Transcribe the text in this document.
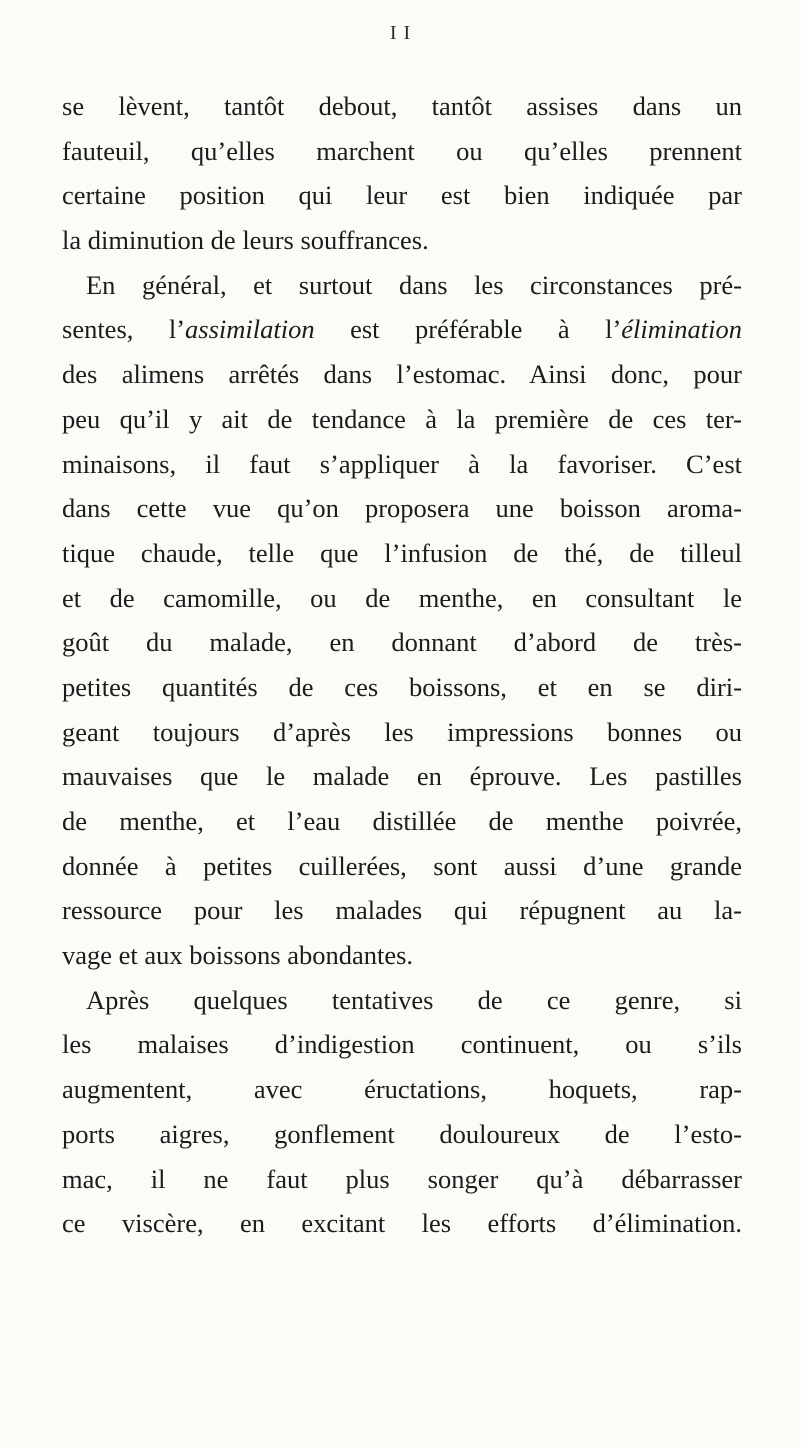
I I
se lèvent, tantôt debout, tantôt assises dans un
fauteuil, qu’elles marchent ou qu’elles prennent
certaine position qui leur est bien indiquée par
la diminution de leurs souffrances.
En général, et surtout dans les circonstances pré-
sentes, l’assimilation est préférable à l’élimination
des alimens arrêtés dans l’estomac. Ainsi donc, pour
peu qu’il y ait de tendance à la première de ces ter-
minaisons, il faut s’appliquer à la favoriser. C’est
dans cette vue qu’on proposera une boisson aroma-
tique chaude, telle que l’infusion de thé, de tilleul
et de camomille, ou de menthe, en consultant le
goût du malade, en donnant d’abord de très-
petites quantités de ces boissons, et en se diri-
geant toujours d’après les impressions bonnes ou
mauvaises que le malade en éprouve. Les pastilles
de menthe, et l’eau distillée de menthe poivrée,
donnée à petites cuillerées, sont aussi d’une grande
ressource pour les malades qui répugnent au la-
vage et aux boissons abondantes.
Après quelques tentatives de ce genre, si
les malaises d’indigestion continuent, ou s’ils
augmentent, avec éructations, hoquets, rap-
ports aigres, gonflement douloureux de l’esto-
mac, il ne faut plus songer qu’à débarrasser
ce viscère, en excitant les efforts d’élimination.
